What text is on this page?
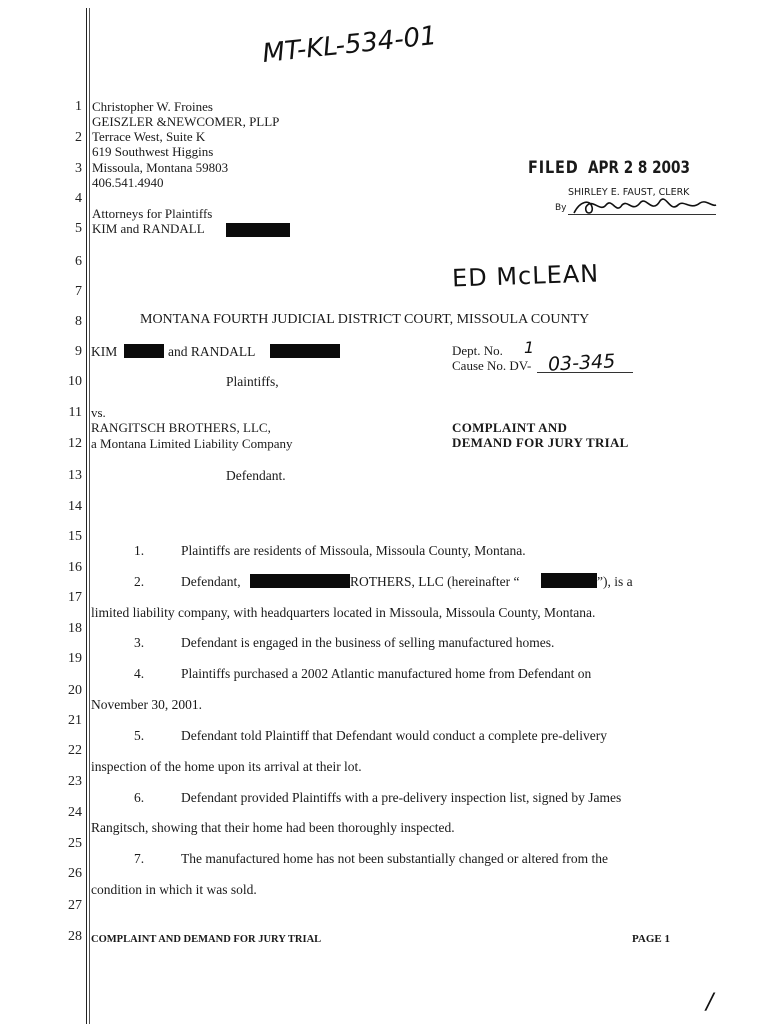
MT-KL-534-01
1
2
3
4
5
6
7
8
9
10
11
12
13
14
15
16
17
18
19
20
21
22
23
24
25
26
27
28
Christopher W. Froines
GEISZLER &NEWCOMER, PLLP
Terrace West, Suite K
619 Southwest Higgins
Missoula, Montana 59803
406.541.4940
Attorneys for Plaintiffs
KIM and RANDALL
FILED APR 2 8 2003
SHIRLEY E. FAUST, CLERK
By
ED McLEAN
MONTANA FOURTH JUDICIAL DISTRICT COURT, MISSOULA COUNTY
KIM	and RANDALL
Plaintiffs,
vs.
RANGITSCH BROTHERS, LLC,
a Montana Limited Liability Company
Defendant.
Dept. No. 1
Cause No. DV- 03-345
COMPLAINT AND
DEMAND FOR JURY TRIAL
1.	Plaintiffs are residents of Missoula, Missoula County, Montana.
2.	Defendant,	ROTHERS, LLC (hereinafter “	”), is a
limited liability company, with headquarters located in Missoula, Missoula County, Montana.
3.	Defendant is engaged in the business of selling manufactured homes.
4.	Plaintiffs purchased a 2002 Atlantic manufactured home from Defendant on
November 30, 2001.
5.	Defendant told Plaintiff that Defendant would conduct a complete pre-delivery
inspection of the home upon its arrival at their lot.
6.	Defendant provided Plaintiffs with a pre-delivery inspection list, signed by James
Rangitsch, showing that their home had been thoroughly inspected.
7.	The manufactured home has not been substantially changed or altered from the
condition in which it was sold.
COMPLAINT AND DEMAND FOR JURY TRIAL	PAGE 1
/
